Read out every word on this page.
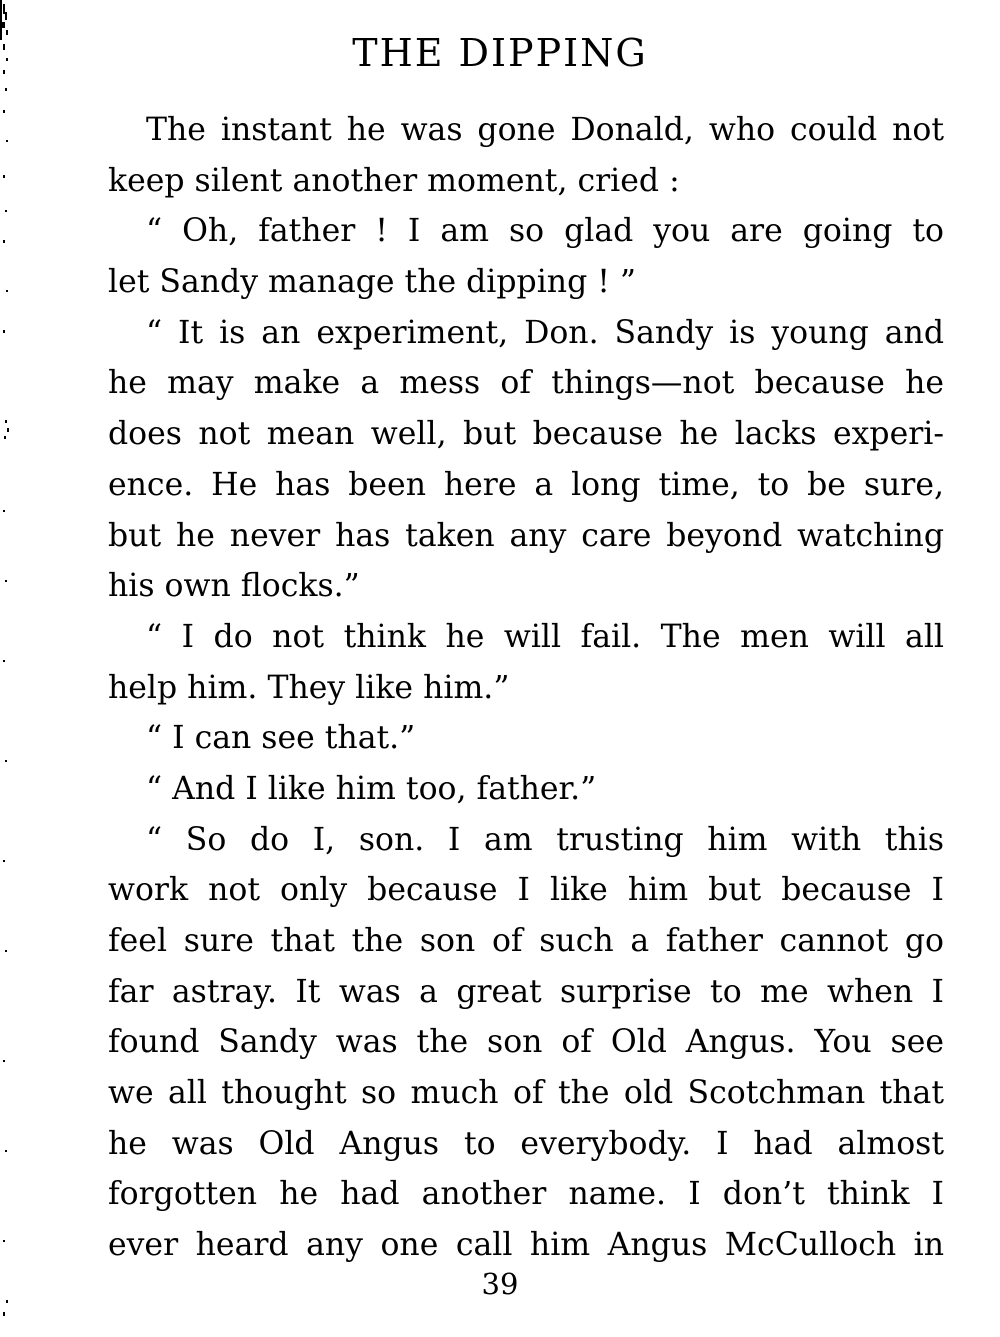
THE DIPPING
The instant he was gone Donald, who could not
keep silent another moment, cried :
“ Oh, father ! I am so glad you are going to
let Sandy manage the dipping ! ”
“ It is an experiment, Don. Sandy is young and
he may make a mess of things—not because he
does not mean well, but because he lacks experi-
ence. He has been here a long time, to be sure,
but he never has taken any care beyond watching
his own flocks.”
“ I do not think he will fail. The men will all
help him. They like him.”
“ I can see that.”
“ And I like him too, father.”
“ So do I, son. I am trusting him with this
work not only because I like him but because I
feel sure that the son of such a father cannot go
far astray. It was a great surprise to me when I
found Sandy was the son of Old Angus. You see
we all thought so much of the old Scotchman that
he was Old Angus to everybody. I had almost
forgotten he had another name. I don’t think I
ever heard any one call him Angus McCulloch in
39
